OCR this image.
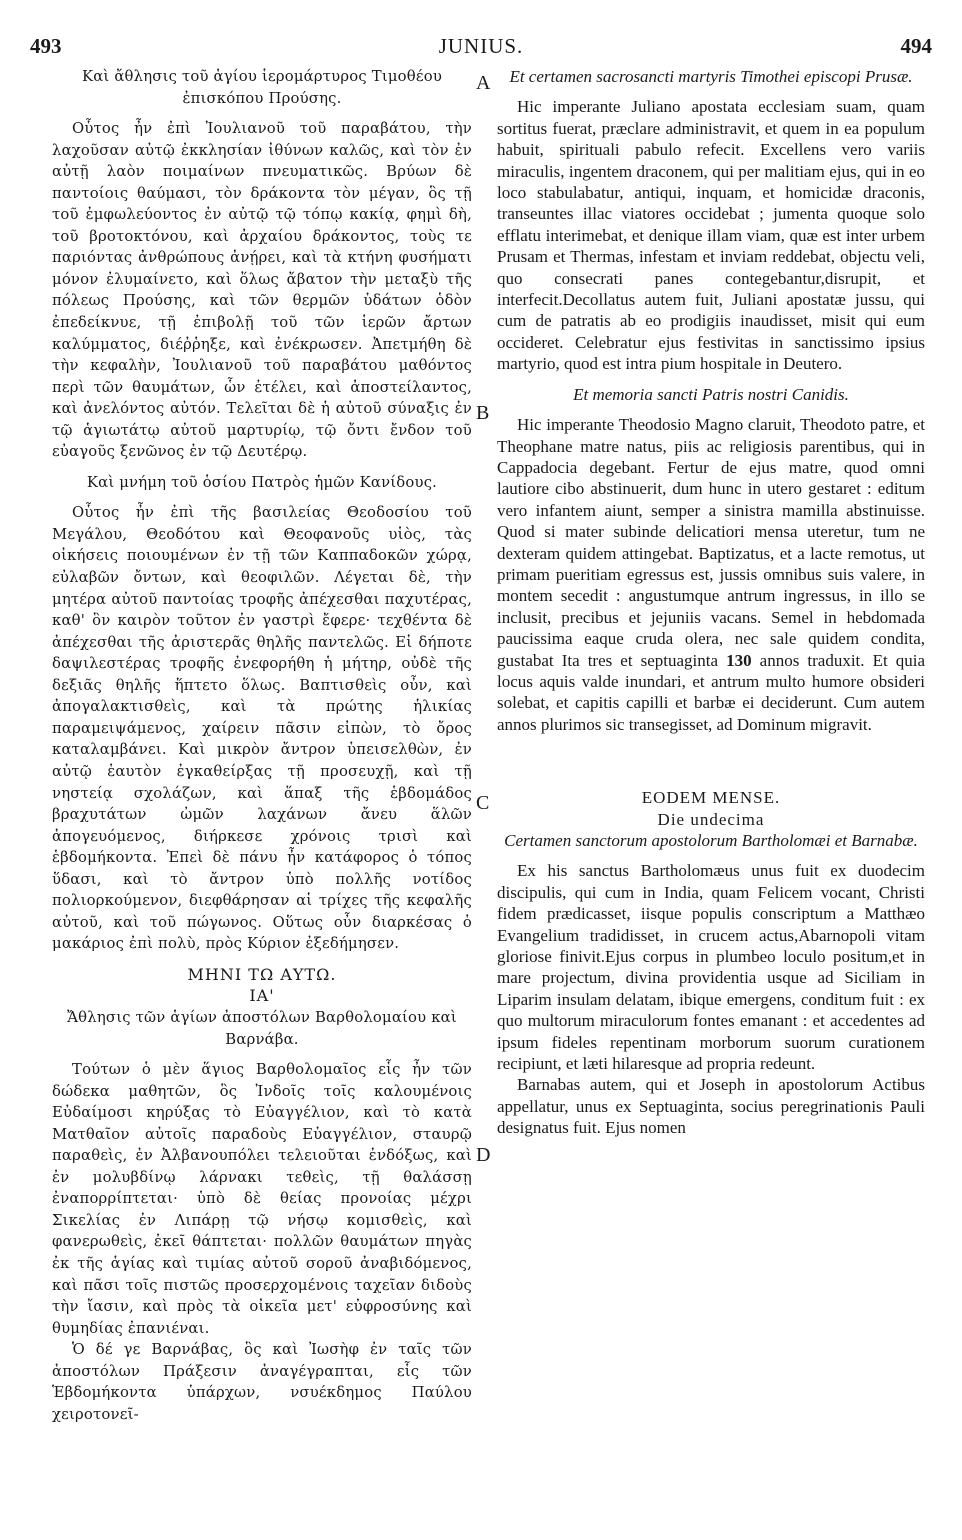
493	JUNIUS.	494
A
B
C
D

Καὶ ἄθλησις τοῦ ἁγίου ἱερομάρτυρος Τιμοθέου ἐπισκόπου Προύσης.

Οὗτος ἦν ἐπὶ Ἰουλιανοῦ τοῦ παραβάτου, τὴν λαχοῦσαν αὐτῷ ἐκκλησίαν ἰθύνων καλῶς, καὶ τὸν ἐν αὐτῇ λαὸν ποιμαίνων πνευματικῶς. Βρύων δὲ παντοίοις θαύμασι, τὸν δράκοντα τὸν μέγαν, ὃς τῇ τοῦ ἐμφωλεύοντος ἐν αὐτῷ τῷ τόπῳ κακίᾳ, φημὶ δὴ, τοῦ βροτοκτόνου, καὶ ἀρχαίου δράκοντος, τοὺς τε παριόντας ἀνθρώπους ἀνῄρει, καὶ τὰ κτήνη φυσήματι μόνον ἐλυμαίνετο, καὶ ὅλως ἄβατον τὴν μεταξὺ τῆς πόλεως Προύσης, καὶ τῶν θερμῶν ὑδάτων ὁδὸν ἐπεδείκνυε, τῇ ἐπιβολῇ τοῦ τῶν ἱερῶν ἄρτων καλύμματος, διέῤῥηξε, καὶ ἐνέκρωσεν. Ἀπετμήθη δὲ τὴν κεφαλὴν, Ἰουλιανοῦ τοῦ παραβάτου μαθόντος περὶ τῶν θαυμάτων, ὧν ἐτέλει, καὶ ἀποστείλαντος, καὶ ἀνελόντος αὐτόν. Τελεῖται δὲ ἡ αὐτοῦ σύναξις ἐν τῷ ἁγιωτάτῳ αὐτοῦ μαρτυρίῳ, τῷ ὄντι ἔνδον τοῦ εὐαγοῦς ξενῶνος ἐν τῷ Δευτέρῳ.

Καὶ μνήμη τοῦ ὁσίου Πατρὸς ἡμῶν Κανίδους.

Οὗτος ἦν ἐπὶ τῆς βασιλείας Θεοδοσίου τοῦ Μεγάλου, Θεοδότου καὶ Θεοφανοῦς υἱὸς, τὰς οἰκήσεις ποιουμένων ἐν τῇ τῶν Καππαδοκῶν χώρᾳ, εὐλαβῶν ὄντων, καὶ θεοφιλῶν. Λέγεται δὲ, τὴν μητέρα αὐτοῦ παντοίας τροφῆς ἀπέχεσθαι παχυτέρας, καθ' ὃν καιρὸν τοῦτον ἐν γαστρὶ ἔφερε· τεχθέντα δὲ ἀπέχεσθαι τῆς ἀριστερᾶς θηλῆς παντελῶς. Εἰ δήποτε δαψιλεστέρας τροφῆς ἐνεφορήθη ἡ μήτηρ, οὐδὲ τῆς δεξιᾶς θηλῆς ἥπτετο ὅλως. Βαπτισθεὶς οὖν, καὶ ἀπογαλακτισθεὶς, καὶ τὰ πρώτης ἡλικίας παραμειψάμενος, χαίρειν πᾶσιν εἰπὼν, τὸ ὄρος καταλαμβάνει. Καὶ μικρὸν ἄντρον ὑπεισελθὼν, ἐν αὐτῷ ἑαυτὸν ἐγκαθείρξας τῇ προσευχῇ, καὶ τῇ νηστείᾳ σχολάζων, καὶ ἅπαξ τῆς ἑβδομάδος βραχυτάτων ὠμῶν λαχάνων ἄνευ ἅλῶν ἀπογευόμενος, διήρκεσε χρόνοις τρισὶ καὶ ἑβδομήκοντα. Ἐπεὶ δὲ πάνυ ἦν κατάφορος ὁ τόπος ὕδασι, καὶ τὸ ἄντρον ὑπὸ πολλῆς νοτίδος πολιορκούμενον, διεφθάρησαν αἱ τρίχες τῆς κεφαλῆς αὐτοῦ, καὶ τοῦ πώγωνος. Οὕτως οὖν διαρκέσας ὁ μακάριος ἐπὶ πολὺ, πρὸς Κύριον ἐξεδήμησεν.

ΜΗΝΙ ΤΩ ΑΥΤΩ.

ΙΑ'

Ἄθλησις τῶν ἁγίων ἀποστόλων Βαρθολομαίου καὶ Βαρνάβα.

Τούτων ὁ μὲν ἅγιος Βαρθολομαῖος εἷς ἦν τῶν δώδεκα μαθητῶν, ὃς Ἰνδοῖς τοῖς καλουμένοις Εὐδαίμοσι κηρύξας τὸ Εὐαγγέλιον, καὶ τὸ κατὰ Ματθαῖον αὐτοῖς παραδοὺς Εὐαγγέλιον, σταυρῷ παραθεὶς, ἐν Ἀλβανουπόλει τελειοῦται ἐνδόξως, καὶ ἐν μολυβδίνῳ λάρνακι τεθεὶς, τῇ θαλάσσῃ ἐναπορρίπτεται· ὑπὸ δὲ θείας προνοίας μέχρι Σικελίας ἐν Λιπάρῃ τῷ νήσῳ κομισθεὶς, καὶ φανερωθεὶς, ἐκεῖ θάπτεται· πολλῶν θαυμάτων πηγὰς ἐκ τῆς ἁγίας καὶ τιμίας αὐτοῦ σοροῦ ἀναβιδόμενος, καὶ πᾶσι τοῖς πιστῶς προσερχομένοις ταχεῖαν διδοὺς τὴν ἴασιν, καὶ πρὸς τὰ οἰκεῖα μετ' εὐφροσύνης καὶ θυμηδίας ἐπανιέναι.

Ὁ δέ γε Βαρνάβας, ὃς καὶ Ἰωσὴφ ἐν ταῖς τῶν ἀποστόλων Πράξεσιν ἀναγέγραπται, εἷς τῶν Ἑβδομήκοντα ὑπάρχων, νσυέκδημος Παύλου χειροτονεῖ-

Et certamen sacrosancti martyris Timothei episcopi Prusæ.

Hic imperante Juliano apostata ecclesiam suam, quam sortitus fuerat, præclare administravit, et quem in ea populum habuit, spirituali pabulo refecit. Excellens vero variis miraculis, ingentem draconem, qui per malitiam ejus, qui in eo loco stabulabatur, antiqui, inquam, et homicidæ draconis, transeuntes illac viatores occidebat ; jumenta quoque solo efflatu interimebat, et denique illam viam, quæ est inter urbem Prusam et Thermas, infestam et inviam reddebat, objectu veli, quo consecrati panes contegebantur,disrupit, et interfecit.Decollatus autem fuit, Juliani apostatæ jussu, qui cum de patratis ab eo prodigiis inaudisset, misit qui eum occideret. Celebratur ejus festivitas in sanctissimo ipsius martyrio, quod est intra pium hospitale in Deutero.

Et memoria sancti Patris nostri Canidis.

Hic imperante Theodosio Magno claruit, Theodoto patre, et Theophane matre natus, piis ac religiosis parentibus, qui in Cappadocia degebant. Fertur de ejus matre, quod omni lautiore cibo abstinuerit, dum hunc in utero gestaret : editum vero infantem aiunt, semper a sinistra mamilla abstinuisse. Quod si mater subinde delicatiori mensa uteretur, tum ne dexteram quidem attingebat. Baptizatus, et a lacte remotus, ut primam pueritiam egressus est, jussis omnibus suis valere, in montem secedit : angustumque antrum ingressus, in illo se inclusit, precibus et jejuniis vacans. Semel in hebdomada paucissima eaque cruda olera, nec sale quidem condita, gustabat Ita tres et septuaginta 130 annos traduxit. Et quia locus aquis valde inundari, et antrum multo humore obsideri solebat, et capitis capilli et barbæ ei deciderunt. Cum autem annos plurimos sic transegisset, ad Dominum migravit.

EODEM MENSE.

Die undecima

Certamen sanctorum apostolorum Bartholomæi et Barnabæ.

Ex his sanctus Bartholomæus unus fuit ex duodecim discipulis, qui cum in India, quam Felicem vocant, Christi fidem prædicasset, iisque populis conscriptum a Matthæo Evangelium tradidisset, in crucem actus,Abarnopoli vitam gloriose finivit.Ejus corpus in plumbeo loculo positum,et in mare projectum, divina providentia usque ad Siciliam in Liparim insulam delatam, ibique emergens, conditum fuit : ex quo multorum miraculorum fontes emanant : et accedentes ad ipsum fideles repentinam morborum suorum curationem recipiunt, et læti hilaresque ad propria redeunt.

Barnabas autem, qui et Joseph in apostolorum Actibus appellatur, unus ex Septuaginta, socius peregrinationis Pauli designatus fuit. Ejus nomen
